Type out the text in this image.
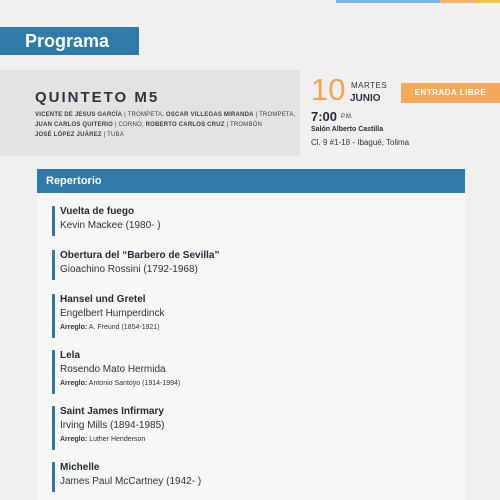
Programa
QUINTETO M5
VICENTE DE JESUS GARCÍA | TROMPETA, OSCAR VILLEGAS MIRANDA | TROMPETA,
JUAN CARLOS QUITERIO | CORNO, ROBERTO CARLOS CRUZ | TROMBÓN
JOSÉ LÓPEZ JUÁREZ | TUBA
10 MARTES
JUNIO
ENTRADA LIBRE
7:00 P.M.
Salón Alberto Castilla
Cl. 9 #1-18 - Ibagué, Tolima
Repertorio
Vuelta de fuego
Kevin Mackee (1980- )
Obertura del “Barbero de Sevilla”
Gioachino Rossini (1792-1968)
Hansel und Gretel
Engelbert Humperdinck
Arreglo: A. Freund (1854-1921)
Lela
Rosendo Mato Hermida
Arreglo: Antonio Santoyo (1914-1994)
Saint James Infirmary
Irving Mills (1894-1985)
Arreglo: Luther Henderson
Michelle
James Paul McCartney (1942- )
